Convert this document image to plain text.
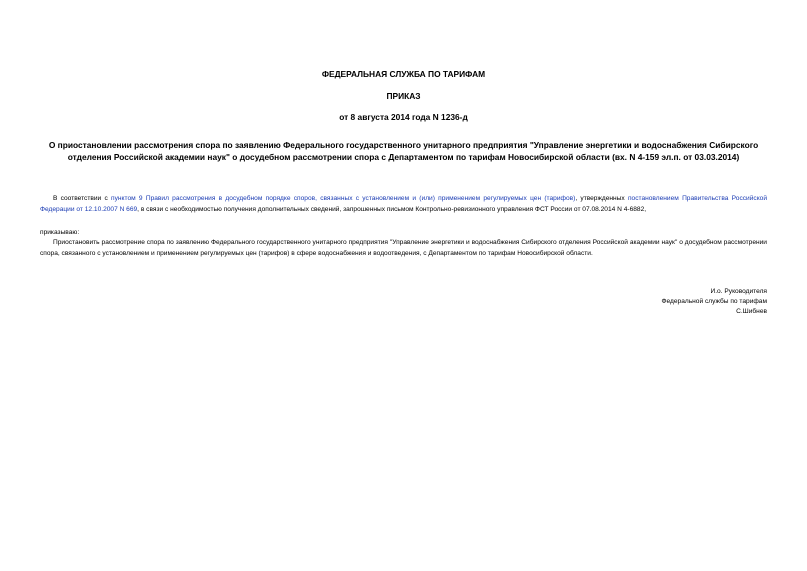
ФЕДЕРАЛЬНАЯ СЛУЖБА ПО ТАРИФАМ

ПРИКАЗ

от 8 августа 2014 года N 1236-д

О приостановлении рассмотрения спора по заявлению Федерального государственного унитарного предприятия "Управление энергетики и водоснабжения Сибирского отделения Российской академии наук" о досудебном рассмотрении спора с Департаментом по тарифам Новосибирской области (вх. N 4-159 эл.п. от 03.03.2014)

В соответствии с пунктом 9 Правил рассмотрения в досудебном порядке споров, связанных с установлением и (или) применением регулируемых цен (тарифов), утвержденных постановлением Правительства Российской Федерации от 12.10.2007 N 669, в связи с необходимостью получения дополнительных сведений, запрошенных письмом Контрольно-ревизионного управления ФСТ России от 07.08.2014 N 4-6882,

приказываю:

Приостановить рассмотрение спора по заявлению Федерального государственного унитарного предприятия "Управление энергетики и водоснабжения Сибирского отделения Российской академии наук" о досудебном рассмотрении спора, связанного с установлением и применением регулируемых цен (тарифов) в сфере водоснабжения и водоотведения, с Департаментом по тарифам Новосибирской области.

И.о. Руководителя

Федеральной службы по тарифам

С.Шибнев
